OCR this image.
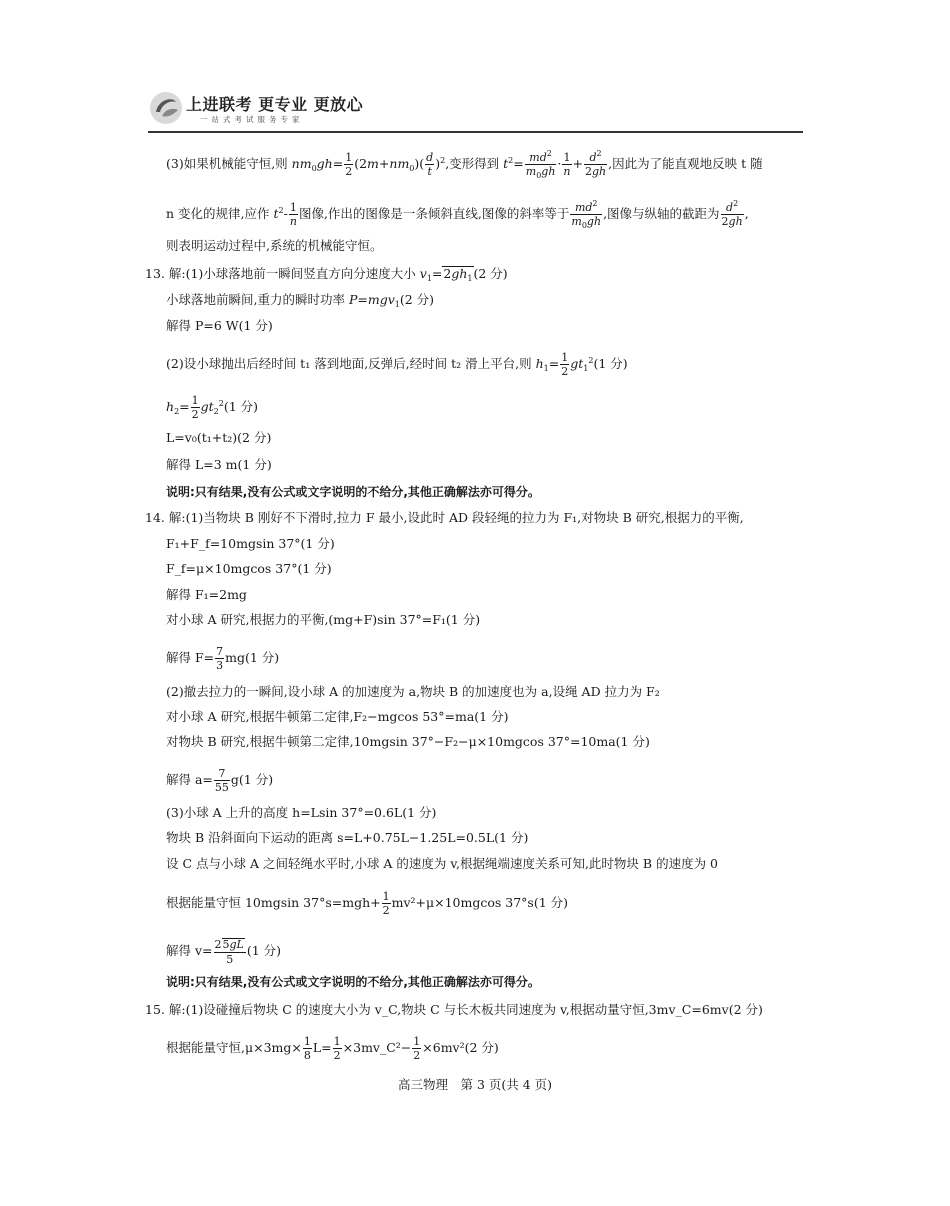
上进联考 更专业 更放心
一站式考试服务专家
(3)如果机械能守恒,则 $nm_0gh= \frac{1}{2} (2m+nm_0)( \frac{d}{t} )^2$,变形得到 $t^2= \frac{md^2}{m_0gh} \cdot \frac{1}{n} + \frac{d^2}{2gh}$ ,因此为了能直观地反映 t 随
n 变化的规律,应作 $t^2- \frac{1}{n}$ 图像,作出的图像是一条倾斜直线,图像的斜率等于 $\frac{md^2}{m_0gh}$ ,图像与纵轴的截距为 $\frac{d^2}{2gh}$ ,
则表明运动过程中,系统的机械能守恒。
13. 解:(1)小球落地前一瞬间竖直方向分速度大小 $v_1=2gh_1(2$ 分)
小球落地前瞬间,重力的瞬时功率 P=mgv$_1$(2 分)
解得 P=6 W(1 分)
(2)设小球抛出后经时间 t₁ 落到地面,反弹后,经时间 t₂ 滑上平台,则 $h_1= \frac{1}{2} gt_1^2(1$ 分)
$h_2= \frac{1}{2} gt_2^2(1$ 分)
L=v₀(t₁+t₂)(2 分)
解得 L=3 m(1 分)
说明:只有结果,没有公式或文字说明的不给分,其他正确解法亦可得分。
14. 解:(1)当物块 B 刚好不下滑时,拉力 F 最小,设此时 AD 段轻绳的拉力为 F₁,对物块 B 研究,根据力的平衡,
F₁+F_f=10mgsin 37°(1 分)
F_f=μ×10mgcos 37°(1 分)
解得 F₁=2mg
对小球 A 研究,根据力的平衡,(mg+F)sin 37°=F₁(1 分)
解得 $F= \frac{7}{3} mg(1$ 分)
(2)撤去拉力的一瞬间,设小球 A 的加速度为 a,物块 B 的加速度也为 a,设绳 AD 拉力为 F₂
对小球 A 研究,根据牛顿第二定律,F₂−mgcos 53°=ma(1 分)
对物块 B 研究,根据牛顿第二定律,10mgsin 37°−F₂−μ×10mgcos 37°=10ma(1 分)
解得 $a= \frac{7}{55} g(1$ 分)
(3)小球 A 上升的高度 h=Lsin 37°=0.6L(1 分)
物块 B 沿斜面向下运动的距离 s=L+0.75L−1.25L=0.5L(1 分)
设 C 点与小球 A 之间轻绳水平时,小球 A 的速度为 v,根据绳端速度关系可知,此时物块 B 的速度为 0
根据能量守恒 10mgsin $37^\circ s=mgh+ \frac{1}{2} mv^2+\mu\times 10mgcos$ 37°s(1 分)
解得 $v= \frac{25gL}{5} (1$ 分)
说明:只有结果,没有公式或文字说明的不给分,其他正确解法亦可得分。
15. 解:(1)设碰撞后物块 C 的速度大小为 v_C,物块 C 与长木板共同速度为 v,根据动量守恒,3mv_C=6mv(2 分)
根据能量守恒$,\mu\times 3mg\times \frac{1}{8} L= \frac{1}{2}$ ×3mv_C²− $\frac{1}{2} \times 6mv^2(2$ 分)
高三物理　第 3 页(共 4 页)
